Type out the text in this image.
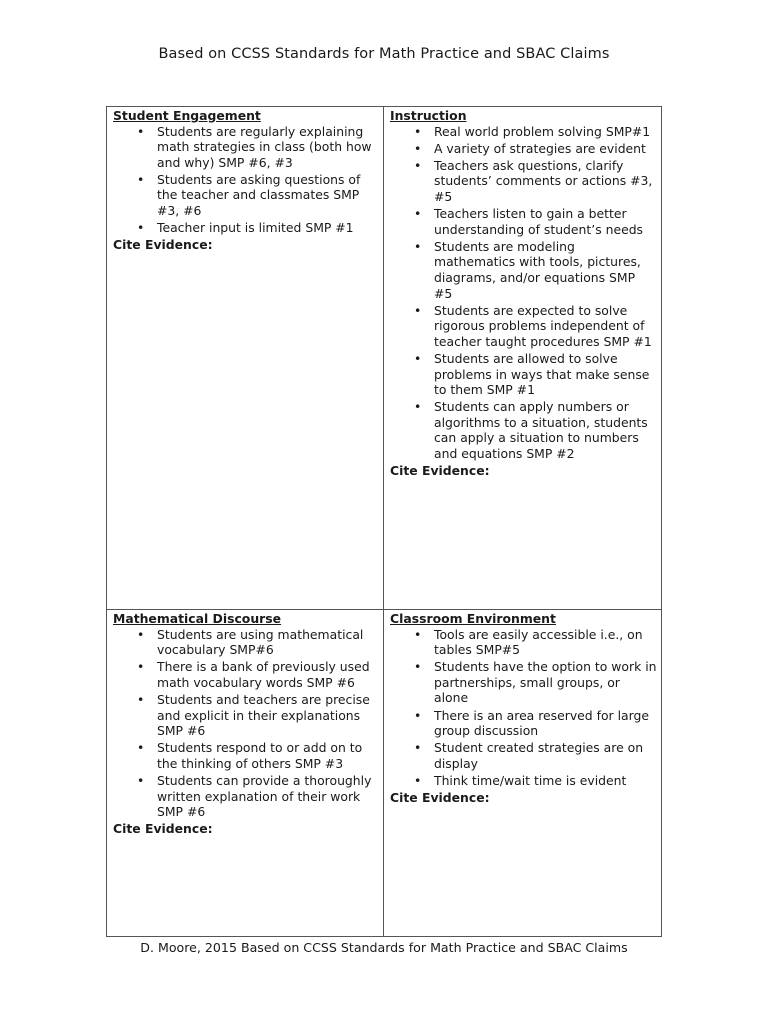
Based on CCSS Standards for Math Practice and SBAC Claims
Student Engagement
• Students are regularly explaining math strategies in class (both how and why) SMP #6, #3
• Students are asking questions of the teacher and classmates SMP #3, #6
• Teacher input is limited SMP #1
Cite Evidence:
Instruction
• Real world problem solving SMP#1
• A variety of strategies are evident
• Teachers ask questions, clarify students’ comments or actions #3, #5
• Teachers listen to gain a better understanding of student’s needs
• Students are modeling mathematics with tools, pictures, diagrams, and/or equations SMP #5
• Students are expected to solve rigorous problems independent of teacher taught procedures SMP #1
• Students are allowed to solve problems in ways that make sense to them SMP #1
• Students can apply numbers or algorithms to a situation, students can apply a situation to numbers and equations SMP #2
Cite Evidence:
Mathematical Discourse
• Students are using mathematical vocabulary SMP#6
• There is a bank of previously used math vocabulary words SMP #6
• Students and teachers are precise and explicit in their explanations SMP #6
• Students respond to or add on to the thinking of others SMP #3
• Students can provide a thoroughly written explanation of their work SMP #6
Cite Evidence:
Classroom Environment
• Tools are easily accessible i.e., on tables SMP#5
• Students have the option to work in partnerships, small groups, or alone
• There is an area reserved for large group discussion
• Student created strategies are on display
• Think time/wait time is evident
Cite Evidence:
D. Moore, 2015 Based on CCSS Standards for Math Practice and SBAC Claims
